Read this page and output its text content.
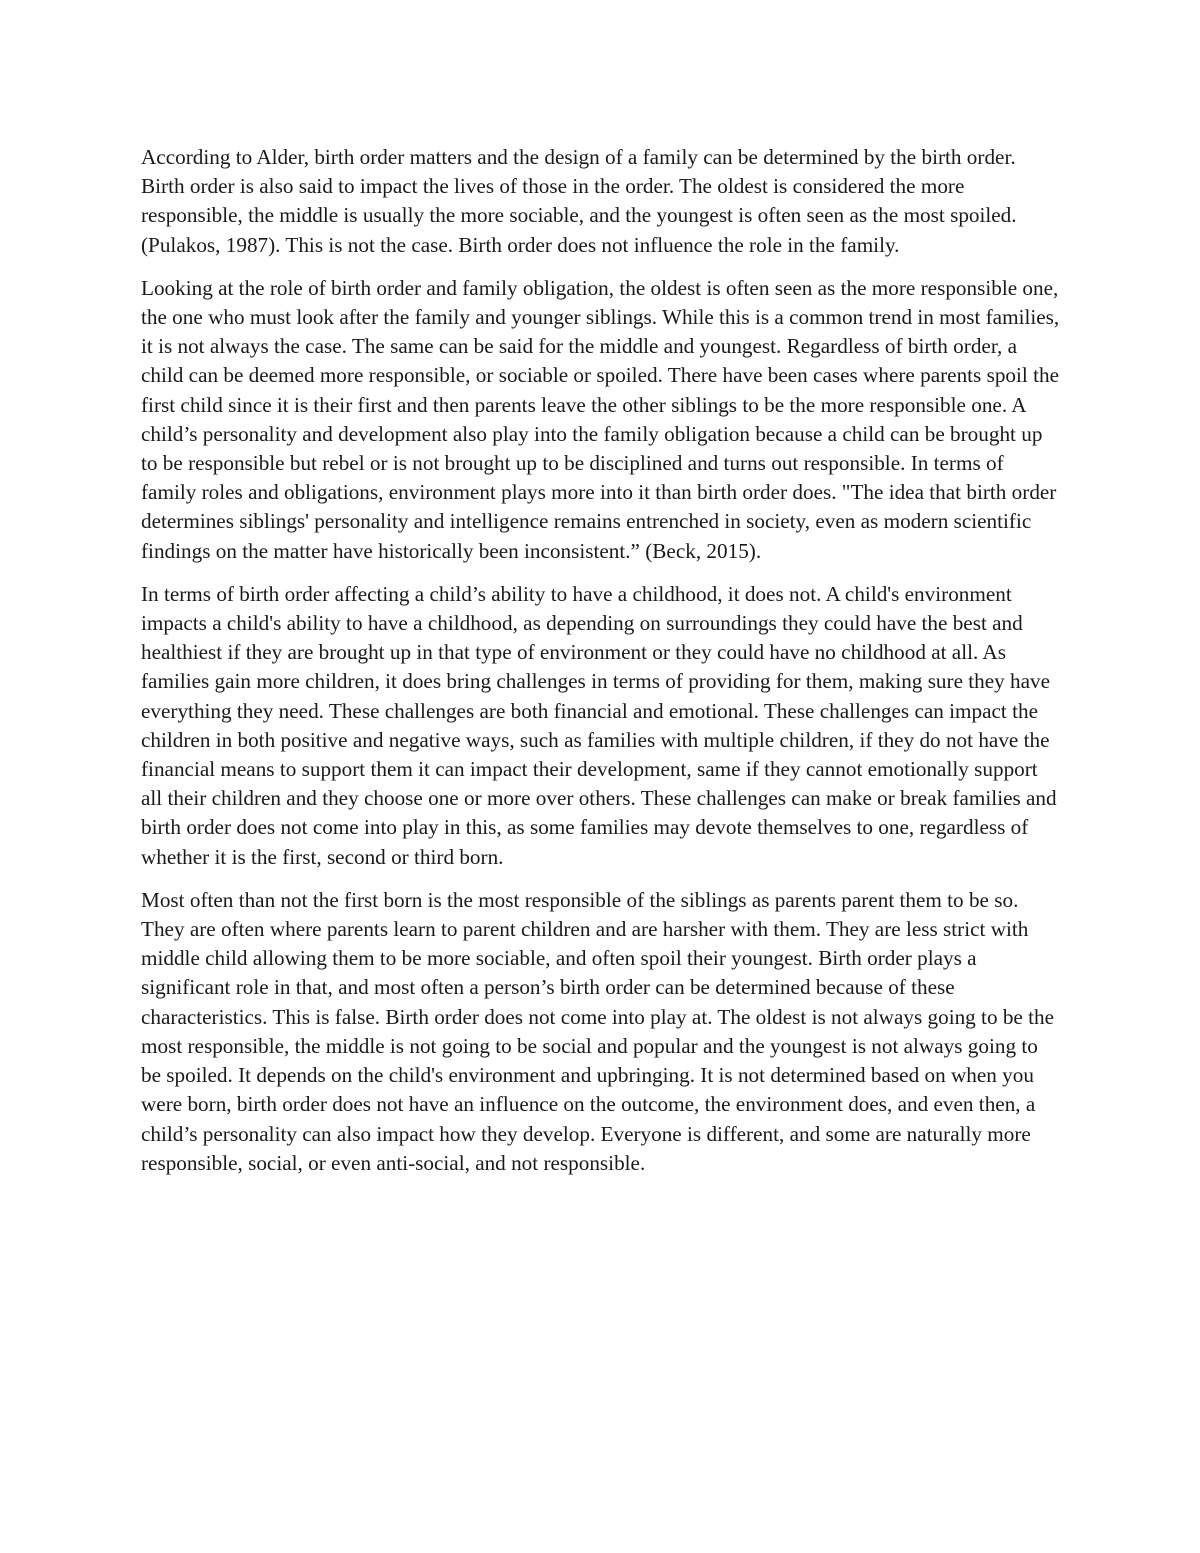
According to Alder, birth order matters and the design of a family can be determined by the birth order. Birth order is also said to impact the lives of those in the order. The oldest is considered the more responsible, the middle is usually the more sociable, and the youngest is often seen as the most spoiled. (Pulakos, 1987). This is not the case. Birth order does not influence the role in the family.

Looking at the role of birth order and family obligation, the oldest is often seen as the more responsible one, the one who must look after the family and younger siblings. While this is a common trend in most families, it is not always the case. The same can be said for the middle and youngest. Regardless of birth order, a child can be deemed more responsible, or sociable or spoiled. There have been cases where parents spoil the first child since it is their first and then parents leave the other siblings to be the more responsible one. A child’s personality and development also play into the family obligation because a child can be brought up to be responsible but rebel or is not brought up to be disciplined and turns out responsible. In terms of family roles and obligations, environment plays more into it than birth order does. "The idea that birth order determines siblings' personality and intelligence remains entrenched in society, even as modern scientific findings on the matter have historically been inconsistent.” (Beck, 2015).

In terms of birth order affecting a child’s ability to have a childhood, it does not. A child's environment impacts a child's ability to have a childhood, as depending on surroundings they could have the best and healthiest if they are brought up in that type of environment or they could have no childhood at all. As families gain more children, it does bring challenges in terms of providing for them, making sure they have everything they need. These challenges are both financial and emotional. These challenges can impact the children in both positive and negative ways, such as families with multiple children, if they do not have the financial means to support them it can impact their development, same if they cannot emotionally support all their children and they choose one or more over others. These challenges can make or break families and birth order does not come into play in this, as some families may devote themselves to one, regardless of whether it is the first, second or third born.

Most often than not the first born is the most responsible of the siblings as parents parent them to be so. They are often where parents learn to parent children and are harsher with them. They are less strict with middle child allowing them to be more sociable, and often spoil their youngest. Birth order plays a significant role in that, and most often a person’s birth order can be determined because of these characteristics. This is false. Birth order does not come into play at. The oldest is not always going to be the most responsible, the middle is not going to be social and popular and the youngest is not always going to be spoiled. It depends on the child's environment and upbringing. It is not determined based on when you were born, birth order does not have an influence on the outcome, the environment does, and even then, a child’s personality can also impact how they develop. Everyone is different, and some are naturally more responsible, social, or even anti-social, and not responsible.
